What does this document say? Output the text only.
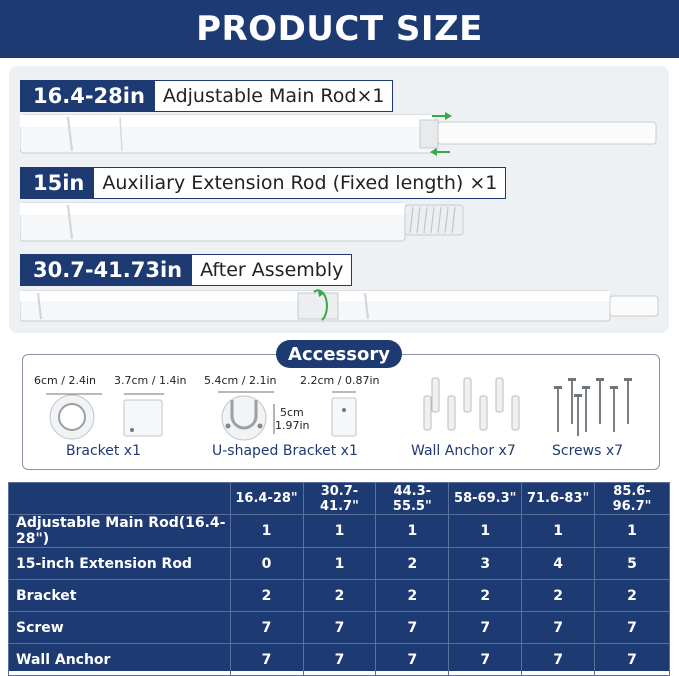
PRODUCT SIZE
16.4-28in Adjustable Main Rod×1
15in Auxiliary Extension Rod (Fixed length) ×1
30.7-41.73in After Assembly
Accessory
6cm / 2.4in 3.7cm / 1.4in
Bracket x1
5.4cm / 2.1in 2.2cm / 0.87in
5cm
1.97in
U-shaped Bracket x1	Wall Anchor x7	Screws x7
	16.4-28"	30.7-41.7"	44.3-55.5"	58-69.3"	71.6-83"	85.6-96.7"
Adjustable Main Rod(16.4-28")	1	1	1	1	1	1
15-inch Extension Rod	0	1	2	3	4	5
Bracket	2	2	2	2	2	2
Screw	7	7	7	7	7	7
Wall Anchor	7	7	7	7	7	7
